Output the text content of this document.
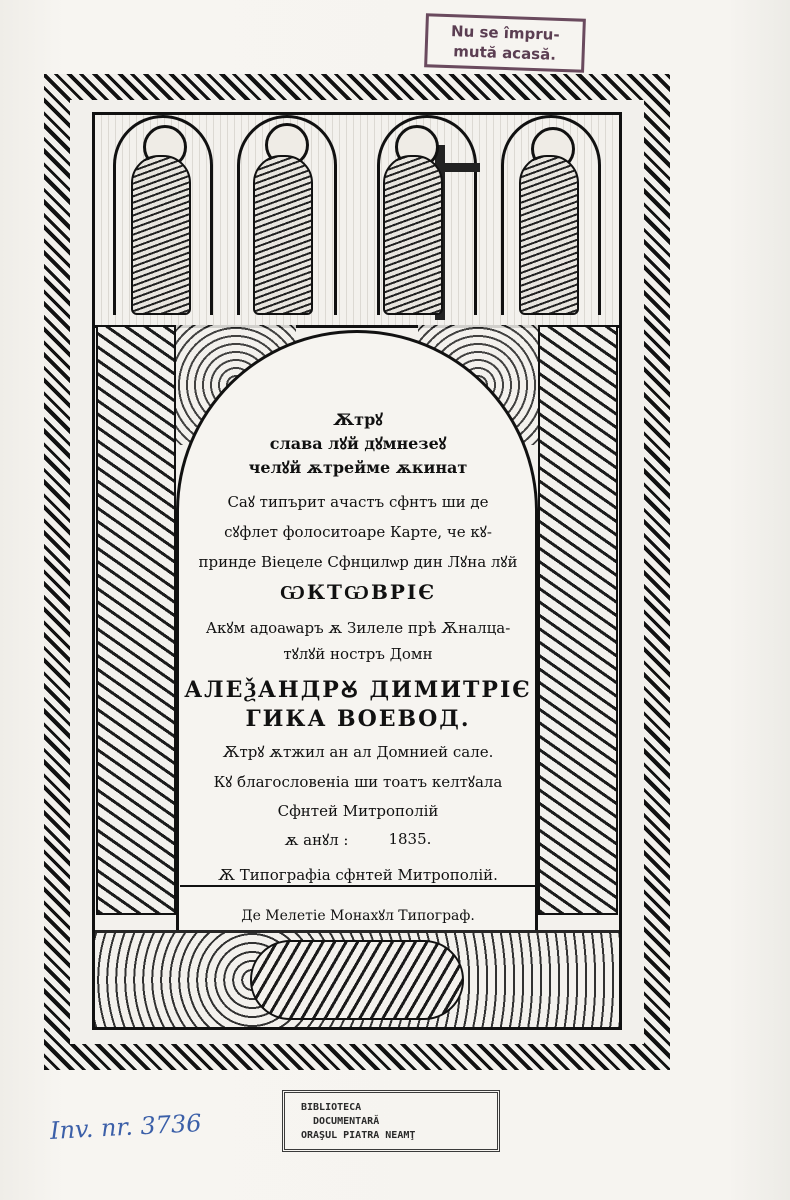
Nu se împru-
mută acasă.
Ѫтрꙋ
слава лꙋй дꙋмнезеꙋ
челꙋй ѫтрейме ѫкинат
Саꙋ типърит ачастъ сфнтъ ши де
сꙋфлет фолоситоаре Карте, че кꙋ-
принде Віецеле Сфнцилѡр дин Лꙋна лꙋй
ѠКТѠВРІЄ
Акꙋм адоаѡаръ ѫ Зилеле прѣ Ѫналца-
тꙋлꙋй ностръ Домн
АЛЕѮАНДРꙊ ДИМИТРІЄ
ГИКА ВОЕВОД.
Ѫтрꙋ ѫтжил ан ал Домнией сале.
Кꙋ благословеніа ши тоатъ келтꙋала
Сфнтей Митрополій
ѫ анꙋл :	1835.
Ѫ Типографіа сфнтей Митрополій.
Де Мелетіе Монахꙋл Типограф.
BIBLIOTECA
DOCUMENTARĂ
ORAŞUL PIATRA NEAMŢ
Inv. nr. 3736
